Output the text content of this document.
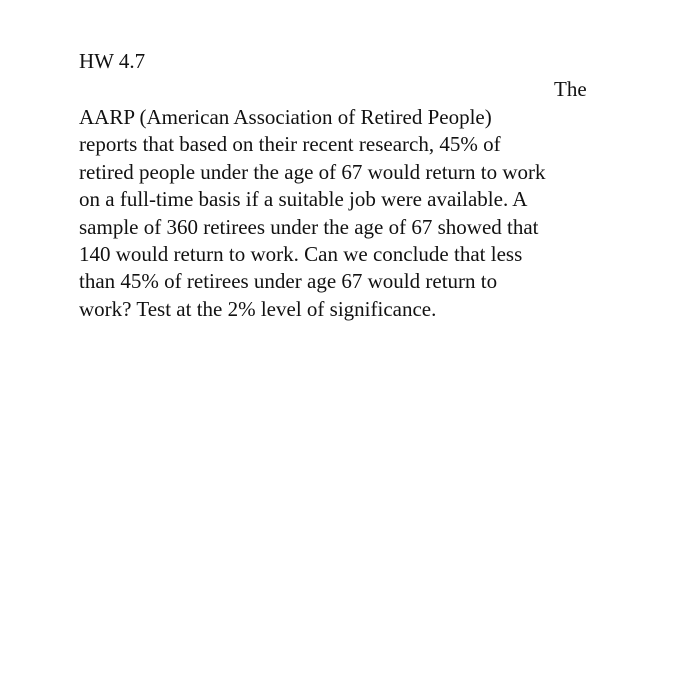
HW 4.7
The
AARP (American Association of Retired People)
reports that based on their recent research, 45% of
retired people under the age of 67 would return to work
on a full-time basis if a suitable job were available. A
sample of 360 retirees under the age of 67 showed that
140 would return to work. Can we conclude that less
than 45% of retirees under age 67 would return to
work? Test at the 2% level of significance.
